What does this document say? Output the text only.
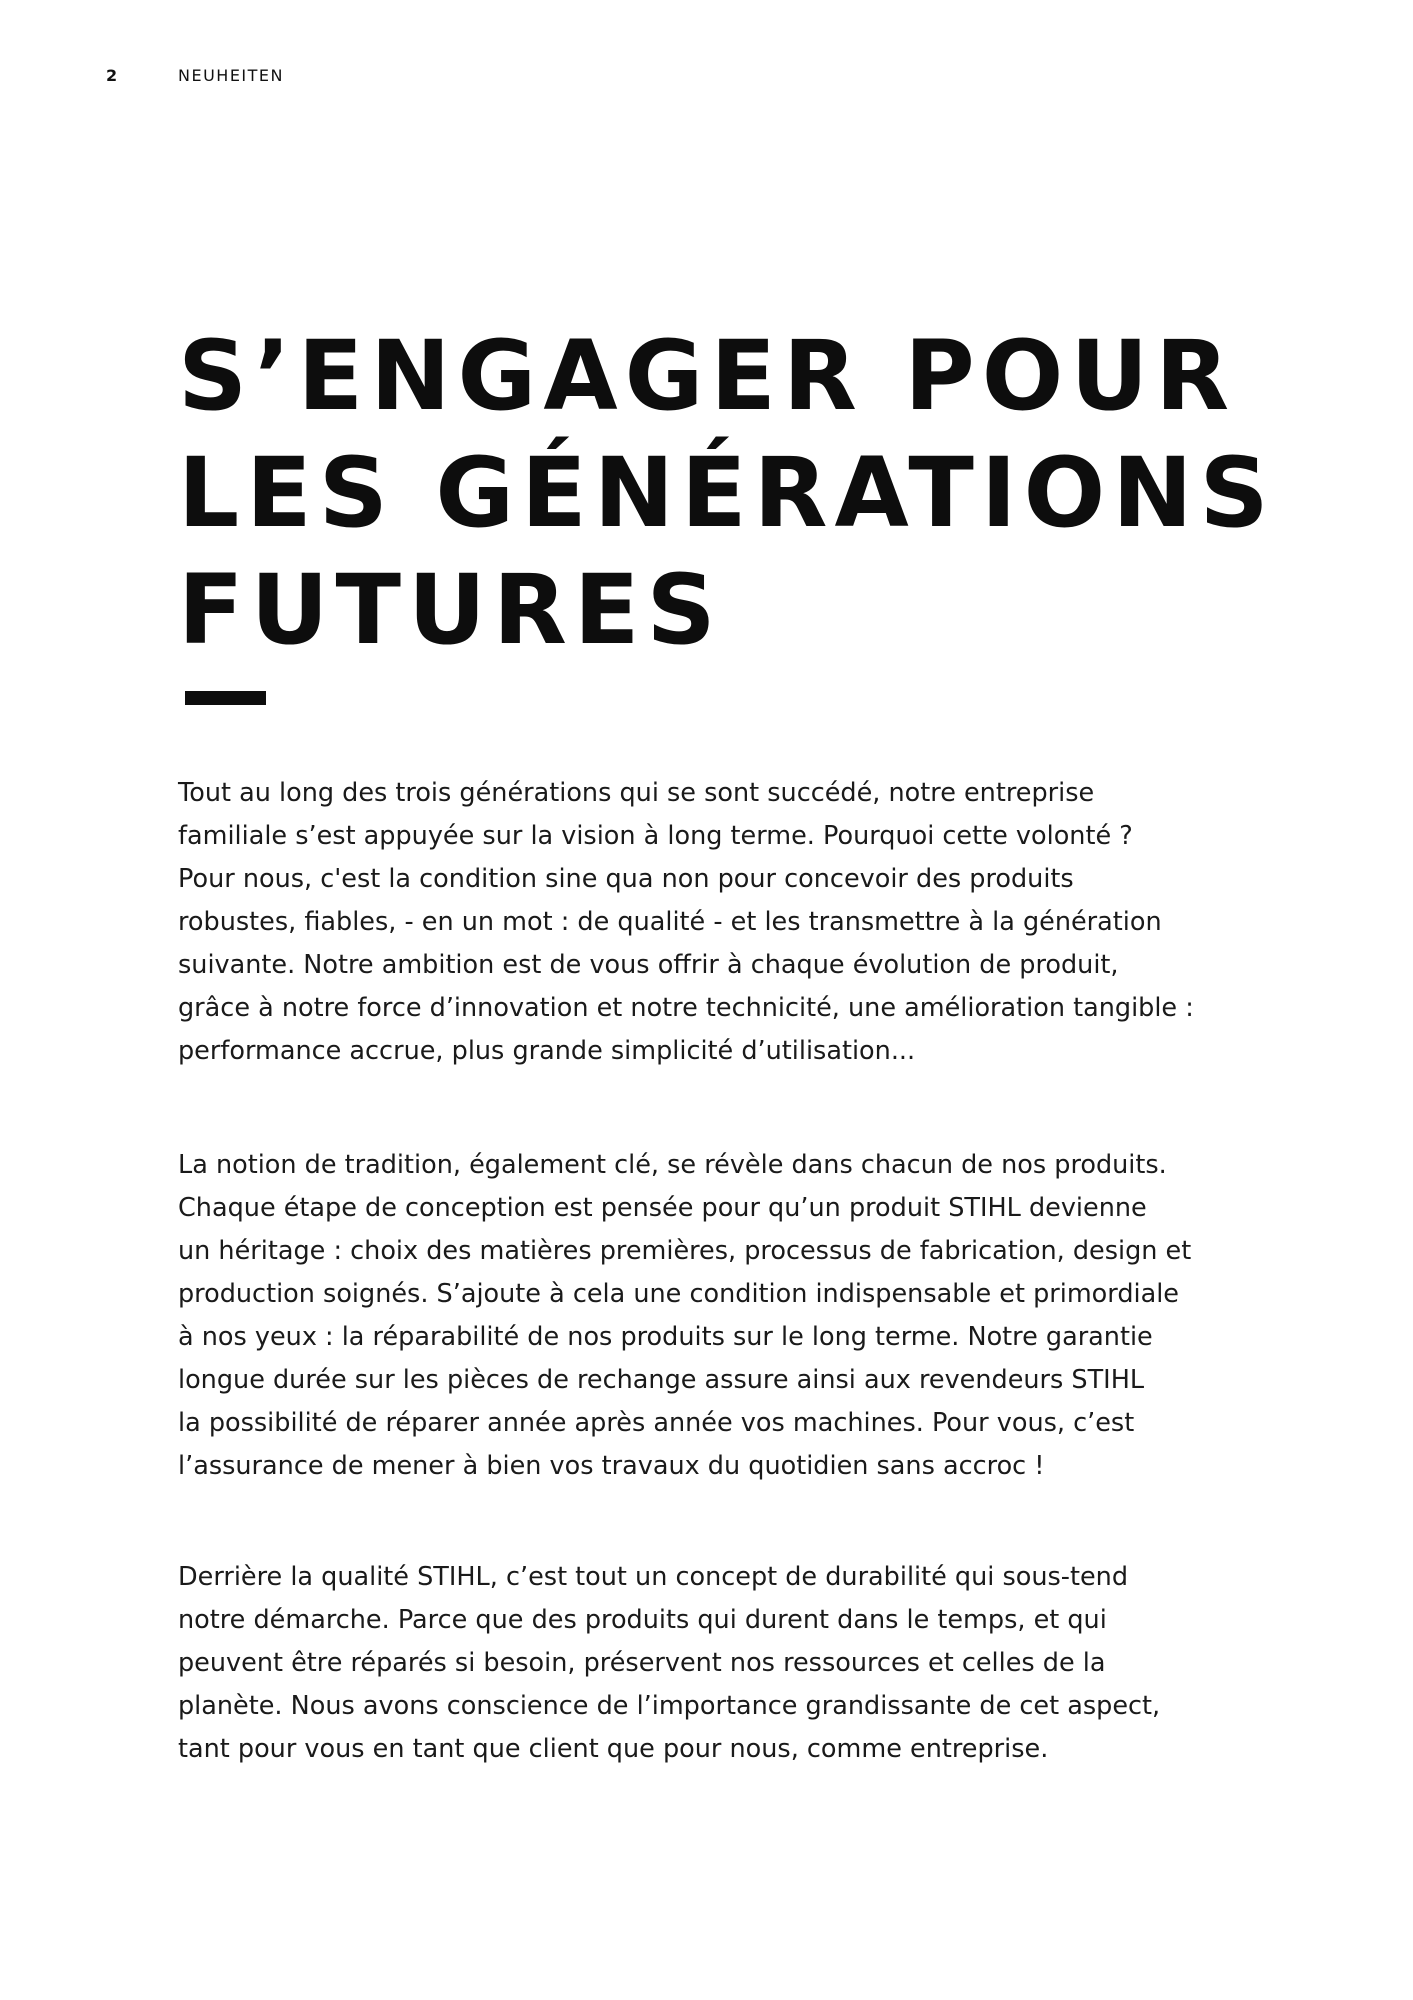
2	NEUHEITEN
S’ENGAGER POUR
LES GÉNÉRATIONS
FUTURES

Tout au long des trois générations qui se sont succédé, notre entreprise
familiale s’est appuyée sur la vision à long terme. Pourquoi cette volonté ?
Pour nous, c'est la condition sine qua non pour concevoir des produits
robustes, fiables, - en un mot : de qualité - et les transmettre à la génération
suivante. Notre ambition est de vous offrir à chaque évolution de produit,
grâce à notre force d’innovation et notre technicité, une amélioration tangible :
performance accrue, plus grande simplicité d’utilisation...

La notion de tradition, également clé, se révèle dans chacun de nos produits.
Chaque étape de conception est pensée pour qu’un produit STIHL devienne
un héritage : choix des matières premières, processus de fabrication, design et
production soignés. S’ajoute à cela une condition indispensable et primordiale
à nos yeux : la réparabilité de nos produits sur le long terme. Notre garantie
longue durée sur les pièces de rechange assure ainsi aux revendeurs STIHL
la possibilité de réparer année après année vos machines. Pour vous, c’est
l’assurance de mener à bien vos travaux du quotidien sans accroc !

Derrière la qualité STIHL, c’est tout un concept de durabilité qui sous-tend
notre démarche. Parce que des produits qui durent dans le temps, et qui
peuvent être réparés si besoin, préservent nos ressources et celles de la
planète. Nous avons conscience de l’importance grandissante de cet aspect,
tant pour vous en tant que client que pour nous, comme entreprise.
